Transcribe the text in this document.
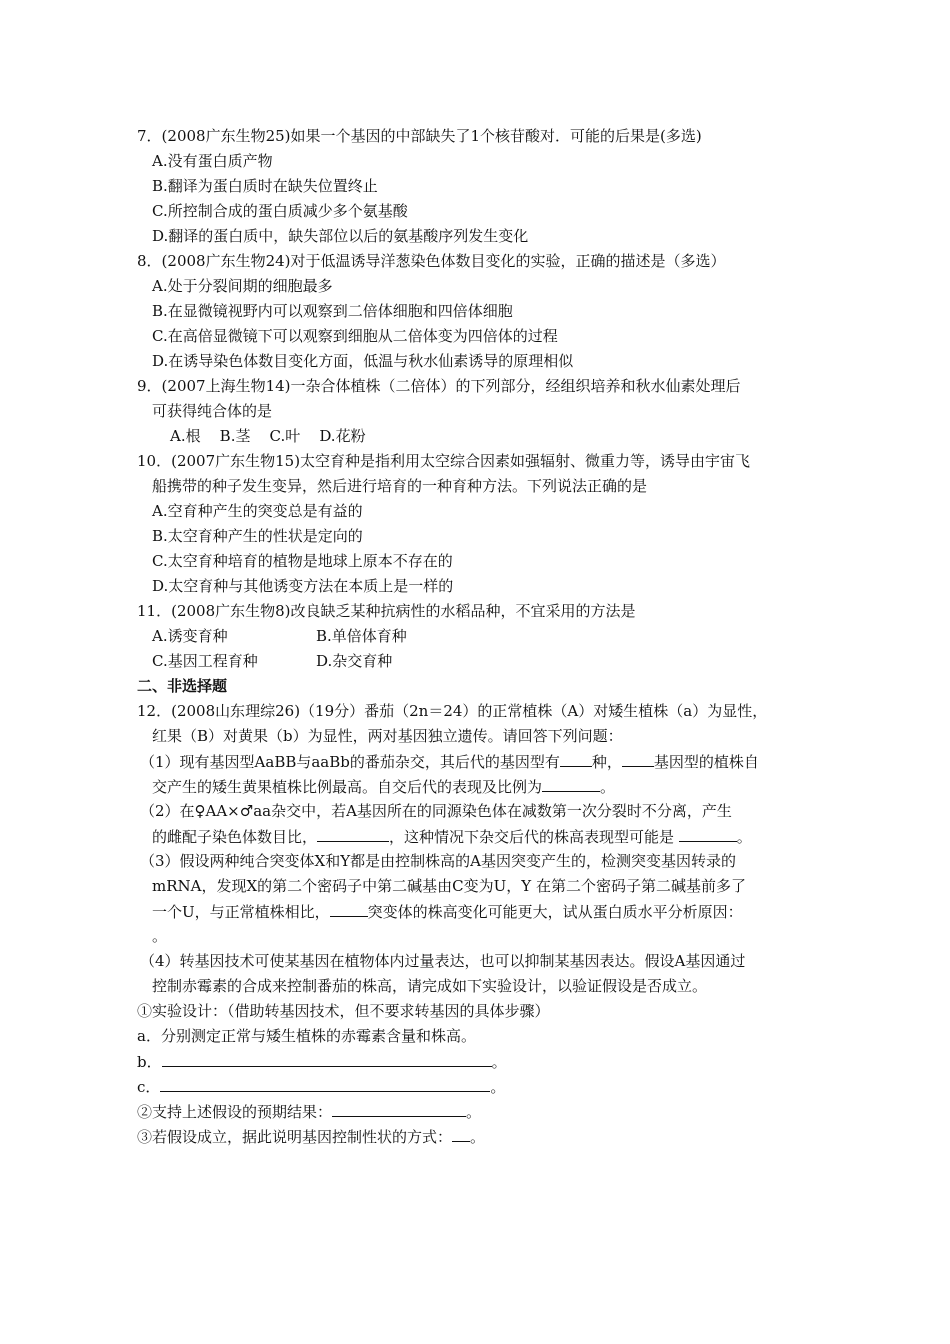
7．(2008广东生物25)如果一个基因的中部缺失了1个核苷酸对．可能的后果是(多选)
A.没有蛋白质产物
B.翻译为蛋白质时在缺失位置终止
C.所控制合成的蛋白质减少多个氨基酸
D.翻译的蛋白质中，缺失部位以后的氨基酸序列发生变化
8．(2008广东生物24)对于低温诱导洋葱染色体数目变化的实验，正确的描述是（多选）
A.处于分裂间期的细胞最多
B.在显微镜视野内可以观察到二倍体细胞和四倍体细胞
C.在高倍显微镜下可以观察到细胞从二倍体变为四倍体的过程
D.在诱导染色体数目变化方面，低温与秋水仙素诱导的原理相似
9．(2007上海生物14)一杂合体植株（二倍体）的下列部分，经组织培养和秋水仙素处理后
可获得纯合体的是
A.根    B.茎    C.叶    D.花粉
10．(2007广东生物15)太空育种是指利用太空综合因素如强辐射、微重力等，诱导由宇宙飞
船携带的种子发生变异，然后进行培育的一种育种方法。下列说法正确的是
A.空育种产生的突变总是有益的
B.太空育种产生的性状是定向的
C.太空育种培育的植物是地球上原本不存在的
D.太空育种与其他诱变方法在本质上是一样的
11．(2008广东生物8)改良缺乏某种抗病性的水稻品种，不宜采用的方法是
A.诱变育种	B.单倍体育种
C.基因工程育种	D.杂交育种
二、非选择题
12．(2008山东理综26)（19分）番茄（2n＝24）的正常植株（A）对矮生植株（a）为显性，
红果（B）对黄果（b）为显性，两对基因独立遗传。请回答下列问题：
（1）现有基因型AaBB与aaBb的番茄杂交，其后代的基因型有 种， 基因型的植株自
交产生的矮生黄果植株比例最高。自交后代的表现及比例为	。
（2）在♀AA×♂aa杂交中，若A基因所在的同源染色体在减数第一次分裂时不分离，产生
的雌配子染色体数目比，	，这种情况下杂交后代的株高表现型可能是	。
（3）假设两种纯合突变体X和Y都是由控制株高的A基因突变产生的，检测突变基因转录的
mRNA，发现X的第二个密码子中第二碱基由C变为U，Y 在第二个密码子第二碱基前多了
一个U，与正常植株相比，	突变体的株高变化可能更大，试从蛋白质水平分析原因：
。
（4）转基因技术可使某基因在植物体内过量表达，也可以抑制某基因表达。假设A基因通过
控制赤霉素的合成来控制番茄的株高，请完成如下实验设计，以验证假设是否成立。
①实验设计：（借助转基因技术，但不要求转基因的具体步骤）
a．分别测定正常与矮生植株的赤霉素含量和株高。
b．	。
c．	。
②支持上述假设的预期结果：	。
③若假设成立，据此说明基因控制性状的方式： 。
